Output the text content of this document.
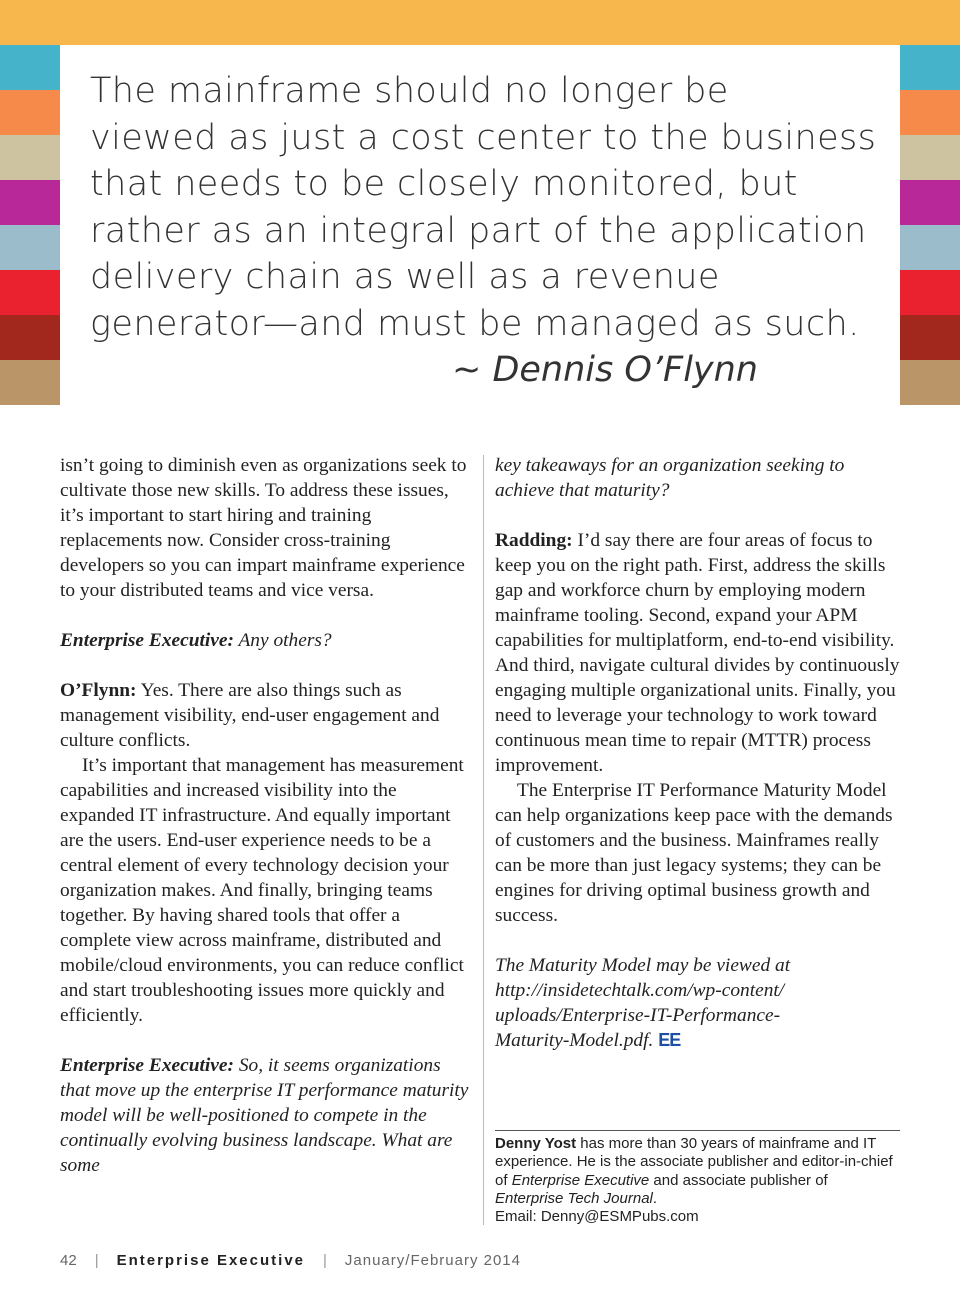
The mainframe should no longer be
viewed as just a cost center to the business
that needs to be closely monitored, but
rather as an integral part of the application
delivery chain as well as a revenue
generator—and must be managed as such.
~ Dennis O’Flynn

isn’t going to diminish even as organizations seek to cultivate those new skills. To address these issues, it’s important to start hiring and training replacements now. Consider cross-training developers so you can impart mainframe experience to your distributed teams and vice versa.

Enterprise Executive: Any others?

O’Flynn: Yes. There are also things such as management visibility, end-user engagement and culture conflicts.

It’s important that management has measurement capabilities and increased visibility into the expanded IT infrastructure. And equally important are the users. End-user experience needs to be a central element of every technology decision your organization makes. And finally, bringing teams together. By having shared tools that offer a complete view across mainframe, distributed and mobile/cloud environments, you can reduce conflict and start troubleshooting issues more quickly and efficiently.

Enterprise Executive: So, it seems organizations that move up the enterprise IT performance maturity model will be well-positioned to compete in the continually evolving business landscape. What are some

key takeaways for an organization seeking to achieve that maturity?

Radding: I’d say there are four areas of focus to keep you on the right path. First, address the skills gap and workforce churn by employing modern mainframe tooling. Second, expand your APM capabilities for multiplatform, end-to-end visibility. And third, navigate cultural divides by continuously engaging multiple organizational units. Finally, you need to leverage your technology to work toward continuous mean time to repair (MTTR) process improvement.

The Enterprise IT Performance Maturity Model can help organizations keep pace with the demands of customers and the business. Mainframes really can be more than just legacy systems; they can be engines for driving optimal business growth and success.

The Maturity Model may be viewed at
http://insidetechtalk.com/wp-content/
uploads/Enterprise-IT-Performance-
Maturity-Model.pdf. EE

Denny Yost has more than 30 years of mainframe and IT experience. He is the associate publisher and editor-in-chief of Enterprise Executive and associate publisher of Enterprise Tech Journal.
Email: Denny@ESMPubs.com
42 | Enterprise Executive | January/February 2014
